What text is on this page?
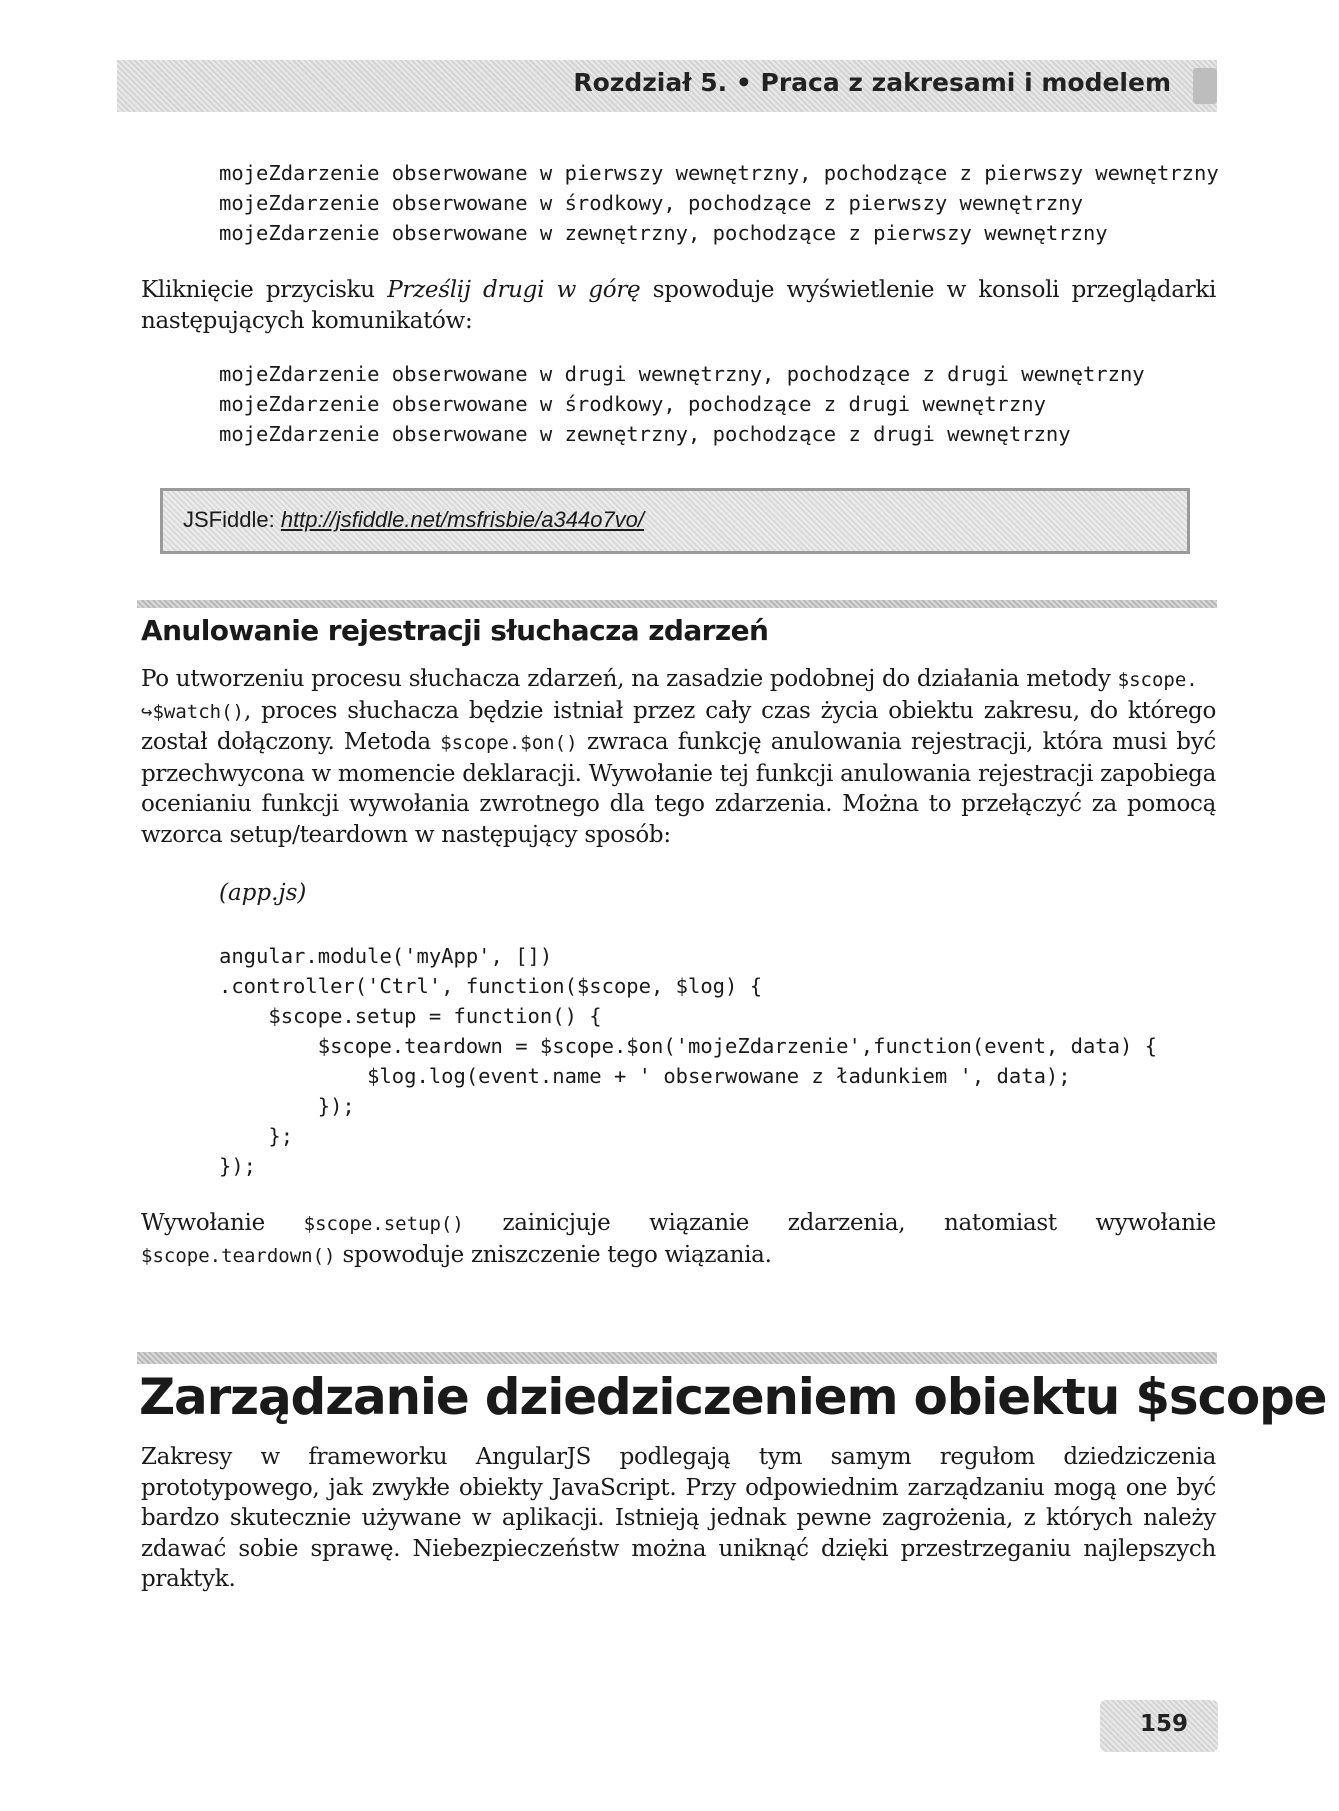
Rozdział 5. • Praca z zakresami i modelem
mojeZdarzenie obserwowane w pierwszy wewnętrzny, pochodzące z pierwszy wewnętrzny
mojeZdarzenie obserwowane w środkowy, pochodzące z pierwszy wewnętrzny
mojeZdarzenie obserwowane w zewnętrzny, pochodzące z pierwszy wewnętrzny

Kliknięcie przycisku Prześlij drugi w górę spowoduje wyświetlenie w konsoli przeglądarki następujących komunikatów:

mojeZdarzenie obserwowane w drugi wewnętrzny, pochodzące z drugi wewnętrzny
mojeZdarzenie obserwowane w środkowy, pochodzące z drugi wewnętrzny
mojeZdarzenie obserwowane w zewnętrzny, pochodzące z drugi wewnętrzny
JSFiddle: http://jsfiddle.net/msfrisbie/a344o7vo/
Anulowanie rejestracji słuchacza zdarzeń

Po utworzeniu procesu słuchacza zdarzeń, na zasadzie podobnej do działania metody $scope.
↪$watch(), proces słuchacza będzie istniał przez cały czas życia obiektu zakresu, do którego został dołączony. Metoda $scope.$on() zwraca funkcję anulowania rejestracji, która musi być przechwycona w momencie deklaracji. Wywołanie tej funkcji anulowania rejestracji zapobiega ocenianiu funkcji wywołania zwrotnego dla tego zdarzenia. Można to przełączyć za pomocą wzorca setup/teardown w następujący sposób:

(app.js)
angular.module('myApp', [])
.controller('Ctrl', function($scope, $log) {
$scope.setup = function() {
$scope.teardown = $scope.$on('mojeZdarzenie',function(event, data) {
$log.log(event.name + ' obserwowane z ładunkiem ', data);
});
};
});

Wywołanie $scope.setup() zainicjuje wiązanie zdarzenia, natomiast wywołanie $scope.teardown() spowoduje zniszczenie tego wiązania.

Zarządzanie dziedziczeniem obiektu $scope

Zakresy w frameworku AngularJS podlegają tym samym regułom dziedziczenia prototypowego, jak zwykłe obiekty JavaScript. Przy odpowiednim zarządzaniu mogą one być bardzo skutecznie używane w aplikacji. Istnieją jednak pewne zagrożenia, z których należy zdawać sobie sprawę. Niebezpieczeństw można uniknąć dzięki przestrzeganiu najlepszych praktyk.

159
